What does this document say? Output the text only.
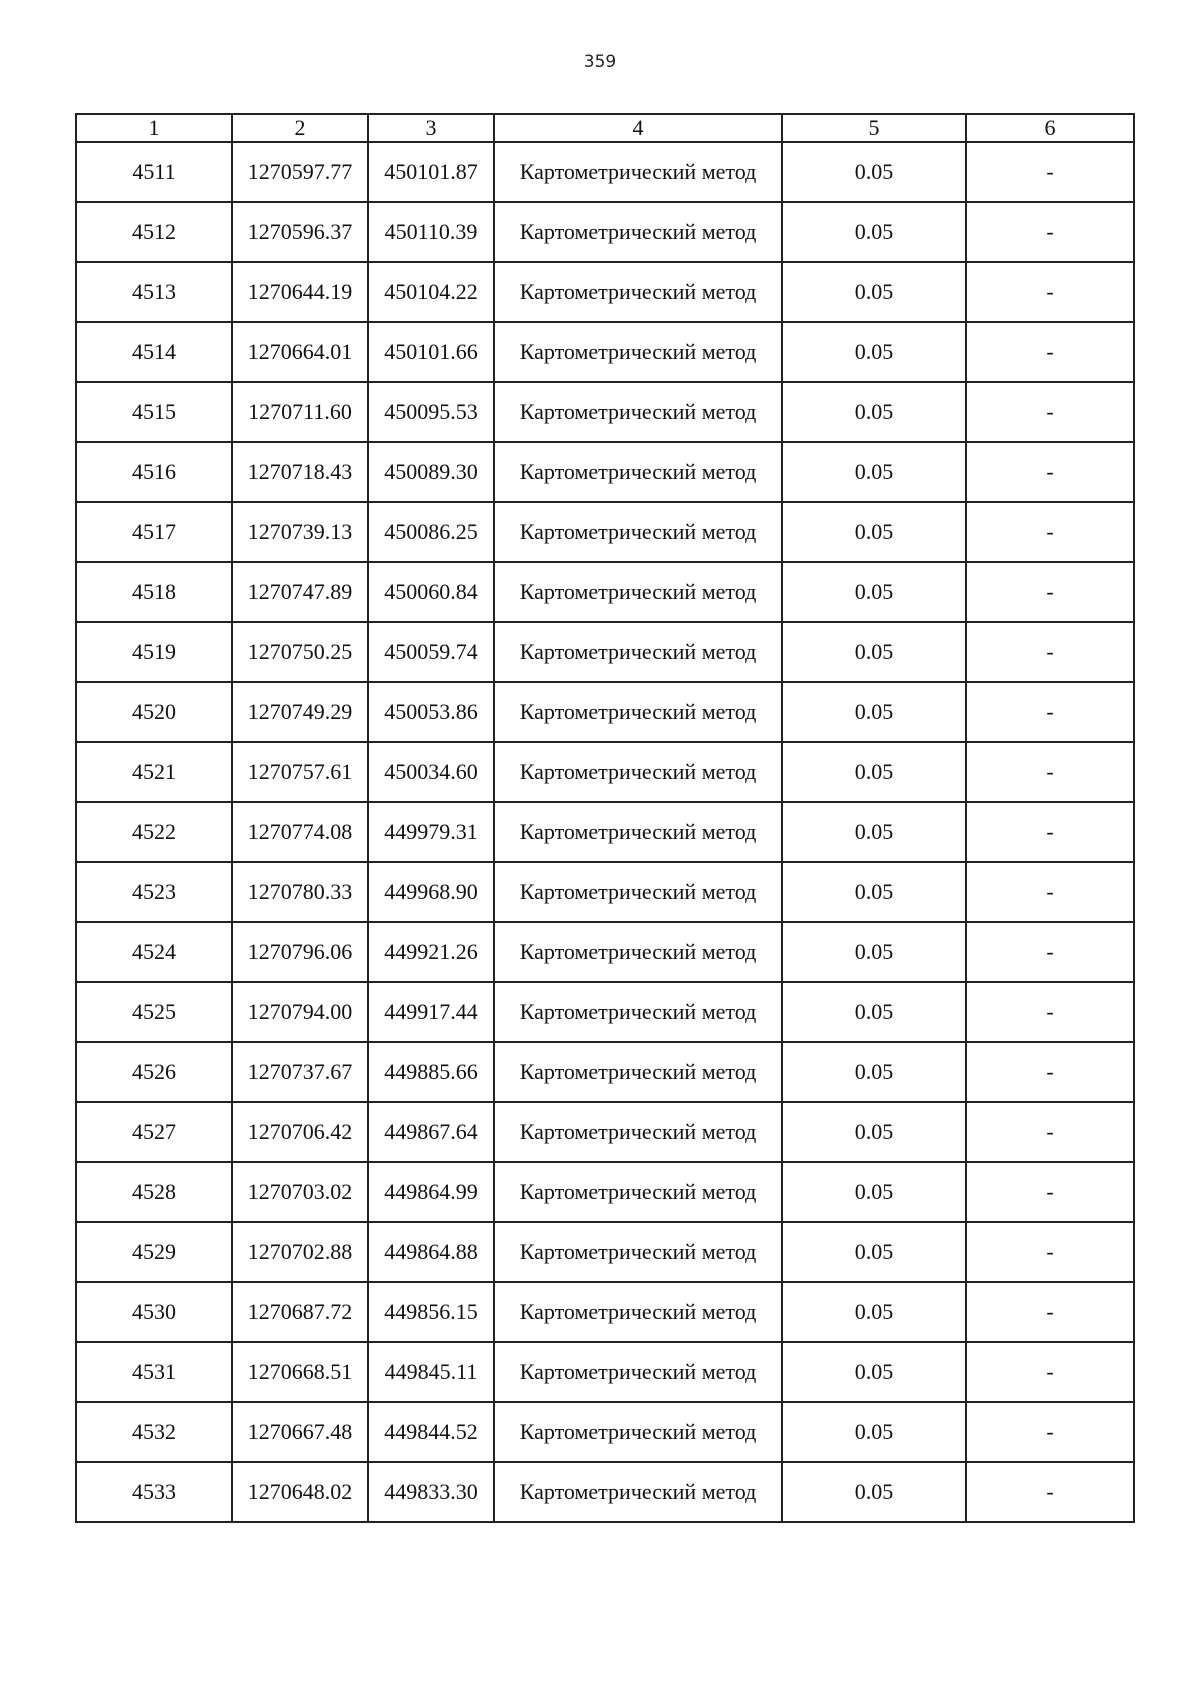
359
1	2	3	4	5	6
4511	1270597.77	450101.87	Картометрический метод	0.05	-
4512	1270596.37	450110.39	Картометрический метод	0.05	-
4513	1270644.19	450104.22	Картометрический метод	0.05	-
4514	1270664.01	450101.66	Картометрический метод	0.05	-
4515	1270711.60	450095.53	Картометрический метод	0.05	-
4516	1270718.43	450089.30	Картометрический метод	0.05	-
4517	1270739.13	450086.25	Картометрический метод	0.05	-
4518	1270747.89	450060.84	Картометрический метод	0.05	-
4519	1270750.25	450059.74	Картометрический метод	0.05	-
4520	1270749.29	450053.86	Картометрический метод	0.05	-
4521	1270757.61	450034.60	Картометрический метод	0.05	-
4522	1270774.08	449979.31	Картометрический метод	0.05	-
4523	1270780.33	449968.90	Картометрический метод	0.05	-
4524	1270796.06	449921.26	Картометрический метод	0.05	-
4525	1270794.00	449917.44	Картометрический метод	0.05	-
4526	1270737.67	449885.66	Картометрический метод	0.05	-
4527	1270706.42	449867.64	Картометрический метод	0.05	-
4528	1270703.02	449864.99	Картометрический метод	0.05	-
4529	1270702.88	449864.88	Картометрический метод	0.05	-
4530	1270687.72	449856.15	Картометрический метод	0.05	-
4531	1270668.51	449845.11	Картометрический метод	0.05	-
4532	1270667.48	449844.52	Картометрический метод	0.05	-
4533	1270648.02	449833.30	Картометрический метод	0.05	-
